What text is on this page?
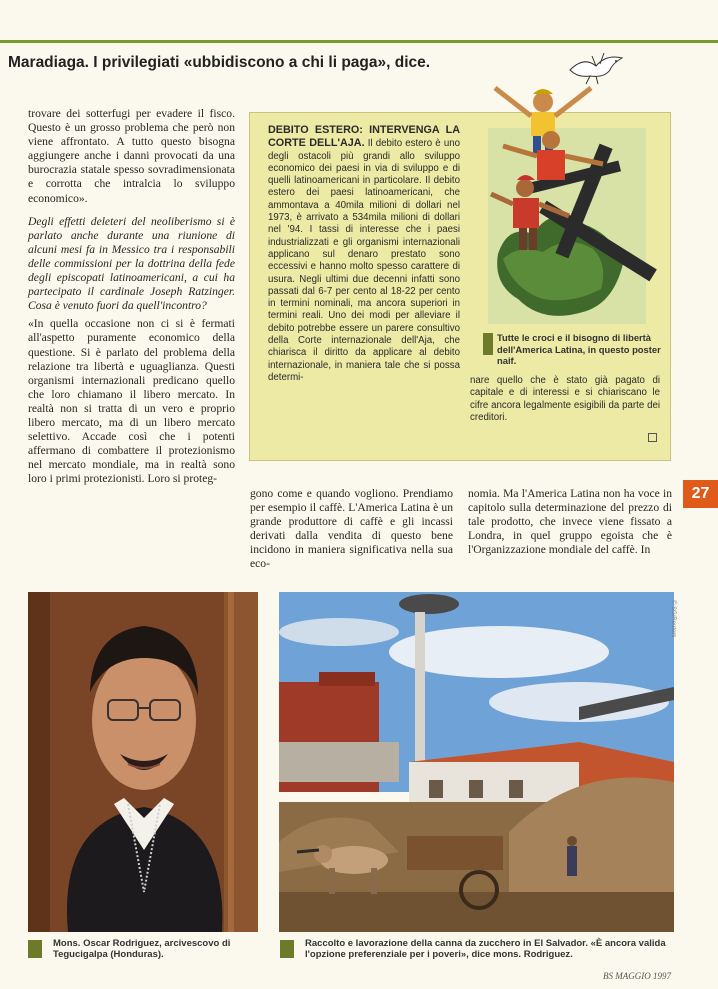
Maradiaga. I privilegiati «ubbidiscono a chi li paga», dice.

trovare dei sotterfugi per evadere il fisco. Questo è un grosso problema che però non viene affrontato. A tutto questo bisogna aggiungere anche i danni provocati da una burocrazia statale spesso sovradimensionata e corrotta che intralcia lo sviluppo economico».

Degli effetti deleteri del neoliberismo si è parlato anche durante una riunione di alcuni mesi fa in Messico tra i responsabili delle commissioni per la dottrina della fede degli episcopati latinoamericani, a cui ha partecipato il cardinale Joseph Ratzinger. Cosa è venuto fuori da quell'incontro?

«In quella occasione non ci si è fermati all'aspetto puramente economico della questione. Si è parlato del problema della relazione tra libertà e uguaglianza. Questi organismi internazionali predicano quello che loro chiamano il libero mercato. In realtà non si tratta di un vero e proprio libero mercato, ma di un libero mercato selettivo. Accade così che i potenti affermano di combattere il protezionismo nel mercato mondiale, ma in realtà sono loro i primi protezionisti. Loro si proteg-

DEBITO ESTERO: INTERVENGA LA CORTE DELL'AJA. Il debito estero è uno degli ostacoli più grandi allo sviluppo economico dei paesi in via di sviluppo e di quelli latinoamericani in particolare. Il debito estero dei paesi latinoamericani, che ammontava a 40mila milioni di dollari nel 1973, è arrivato a 534mila milioni di dollari nel '94. I tassi di interesse che i paesi industrializzati e gli organismi internazionali applicano sul denaro prestato sono eccessivi e hanno molto spesso carattere di usura. Negli ultimi due decenni infatti sono passati dal 6-7 per cento al 18-22 per cento in termini nominali, ma ancora superiori in termini reali. Uno dei modi per alleviare il debito potrebbe essere un parere consultivo della Corte internazionale dell'Aja, che chiarisca il diritto da applicare al debito internazionale, in maniera tale che si possa determi-
Tutte le croci e il bisogno di libertà dell'America Latina, in questo poster naif.
nare quello che è stato già pagato di capitale e di interessi e si chiariscano le cifre ancora legalmente esigibili da parte dei creditori.
gono come e quando vogliono. Prendiamo per esempio il caffè. L'America Latina è un grande produttore di caffè e gli incassi derivati dalla vendita di questo bene incidono in maniera significativa nella sua eco-
nomia. Ma l'America Latina non ha voce in capitolo sulla determinazione del prezzo di tale prodotto, che invece viene fissato a Londra, in quel gruppo egoista che è l'Organizzazione mondiale del caffè. In
27
© SG/Reuters
Mons. Oscar Rodriguez, arcivescovo di Tegucigalpa (Honduras).
Raccolto e lavorazione della canna da zucchero in El Salvador. «È ancora valida l'opzione preferenziale per i poveri», dice mons. Rodriguez.
BS MAGGIO 1997
